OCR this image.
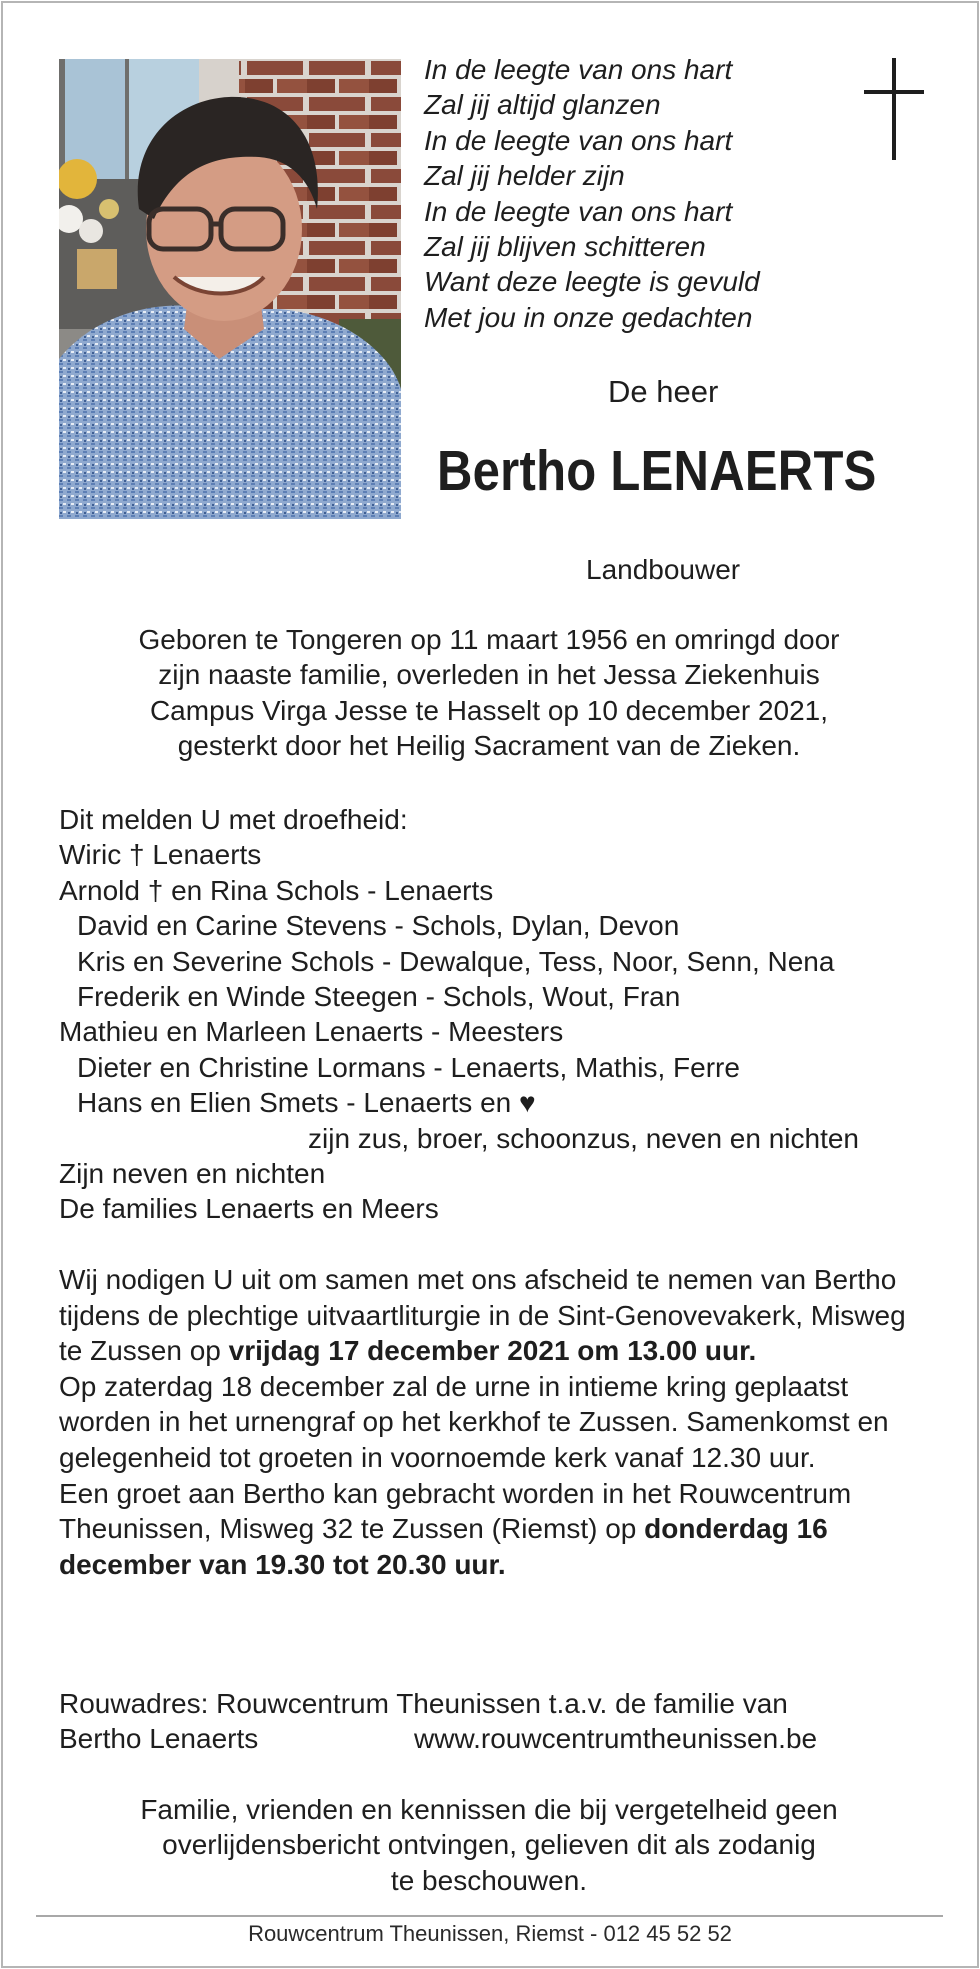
In de leegte van ons hart
Zal jij altijd glanzen
In de leegte van ons hart
Zal jij helder zijn
In de leegte van ons hart
Zal jij blijven schitteren
Want deze leegte is gevuld
Met jou in onze gedachten
De heer
Bertho LENAERTS
Landbouwer
Geboren te Tongeren op 11 maart 1956 en omringd door
zijn naaste familie, overleden in het Jessa Ziekenhuis
Campus Virga Jesse te Hasselt op 10 december 2021,
gesterkt door het Heilig Sacrament van de Zieken.
Dit melden U met droefheid:
Wiric † Lenaerts
Arnold † en Rina Schols - Lenaerts
David en Carine Stevens - Schols, Dylan, Devon
Kris en Severine Schols - Dewalque, Tess, Noor, Senn, Nena
Frederik en Winde Steegen - Schols, Wout, Fran
Mathieu en Marleen Lenaerts - Meesters
Dieter en Christine Lormans - Lenaerts, Mathis, Ferre
Hans en Elien Smets - Lenaerts en ♥
zijn zus, broer, schoonzus, neven en nichten
Zijn neven en nichten
De families Lenaerts en Meers
Wij nodigen U uit om samen met ons afscheid te nemen van Bertho tijdens de plechtige uitvaartliturgie in de Sint-Genovevakerk, Misweg te Zussen op vrijdag 17 december 2021 om 13.00 uur.
Op zaterdag 18 december zal de urne in intieme kring geplaatst worden in het urnengraf op het kerkhof te Zussen. Samenkomst en gelegenheid tot groeten in voornoemde kerk vanaf 12.30 uur.
Een groet aan Bertho kan gebracht worden in het Rouwcentrum Theunissen, Misweg 32 te Zussen (Riemst) op donderdag 16 december van 19.30 tot 20.30 uur.
Rouwadres: Rouwcentrum Theunissen t.a.v. de familie van
Bertho Lenaerts	www.rouwcentrumtheunissen.be
Familie, vrienden en kennissen die bij vergetelheid geen
overlijdensbericht ontvingen, gelieven dit als zodanig
te beschouwen.
Rouwcentrum Theunissen, Riemst - 012 45 52 52
